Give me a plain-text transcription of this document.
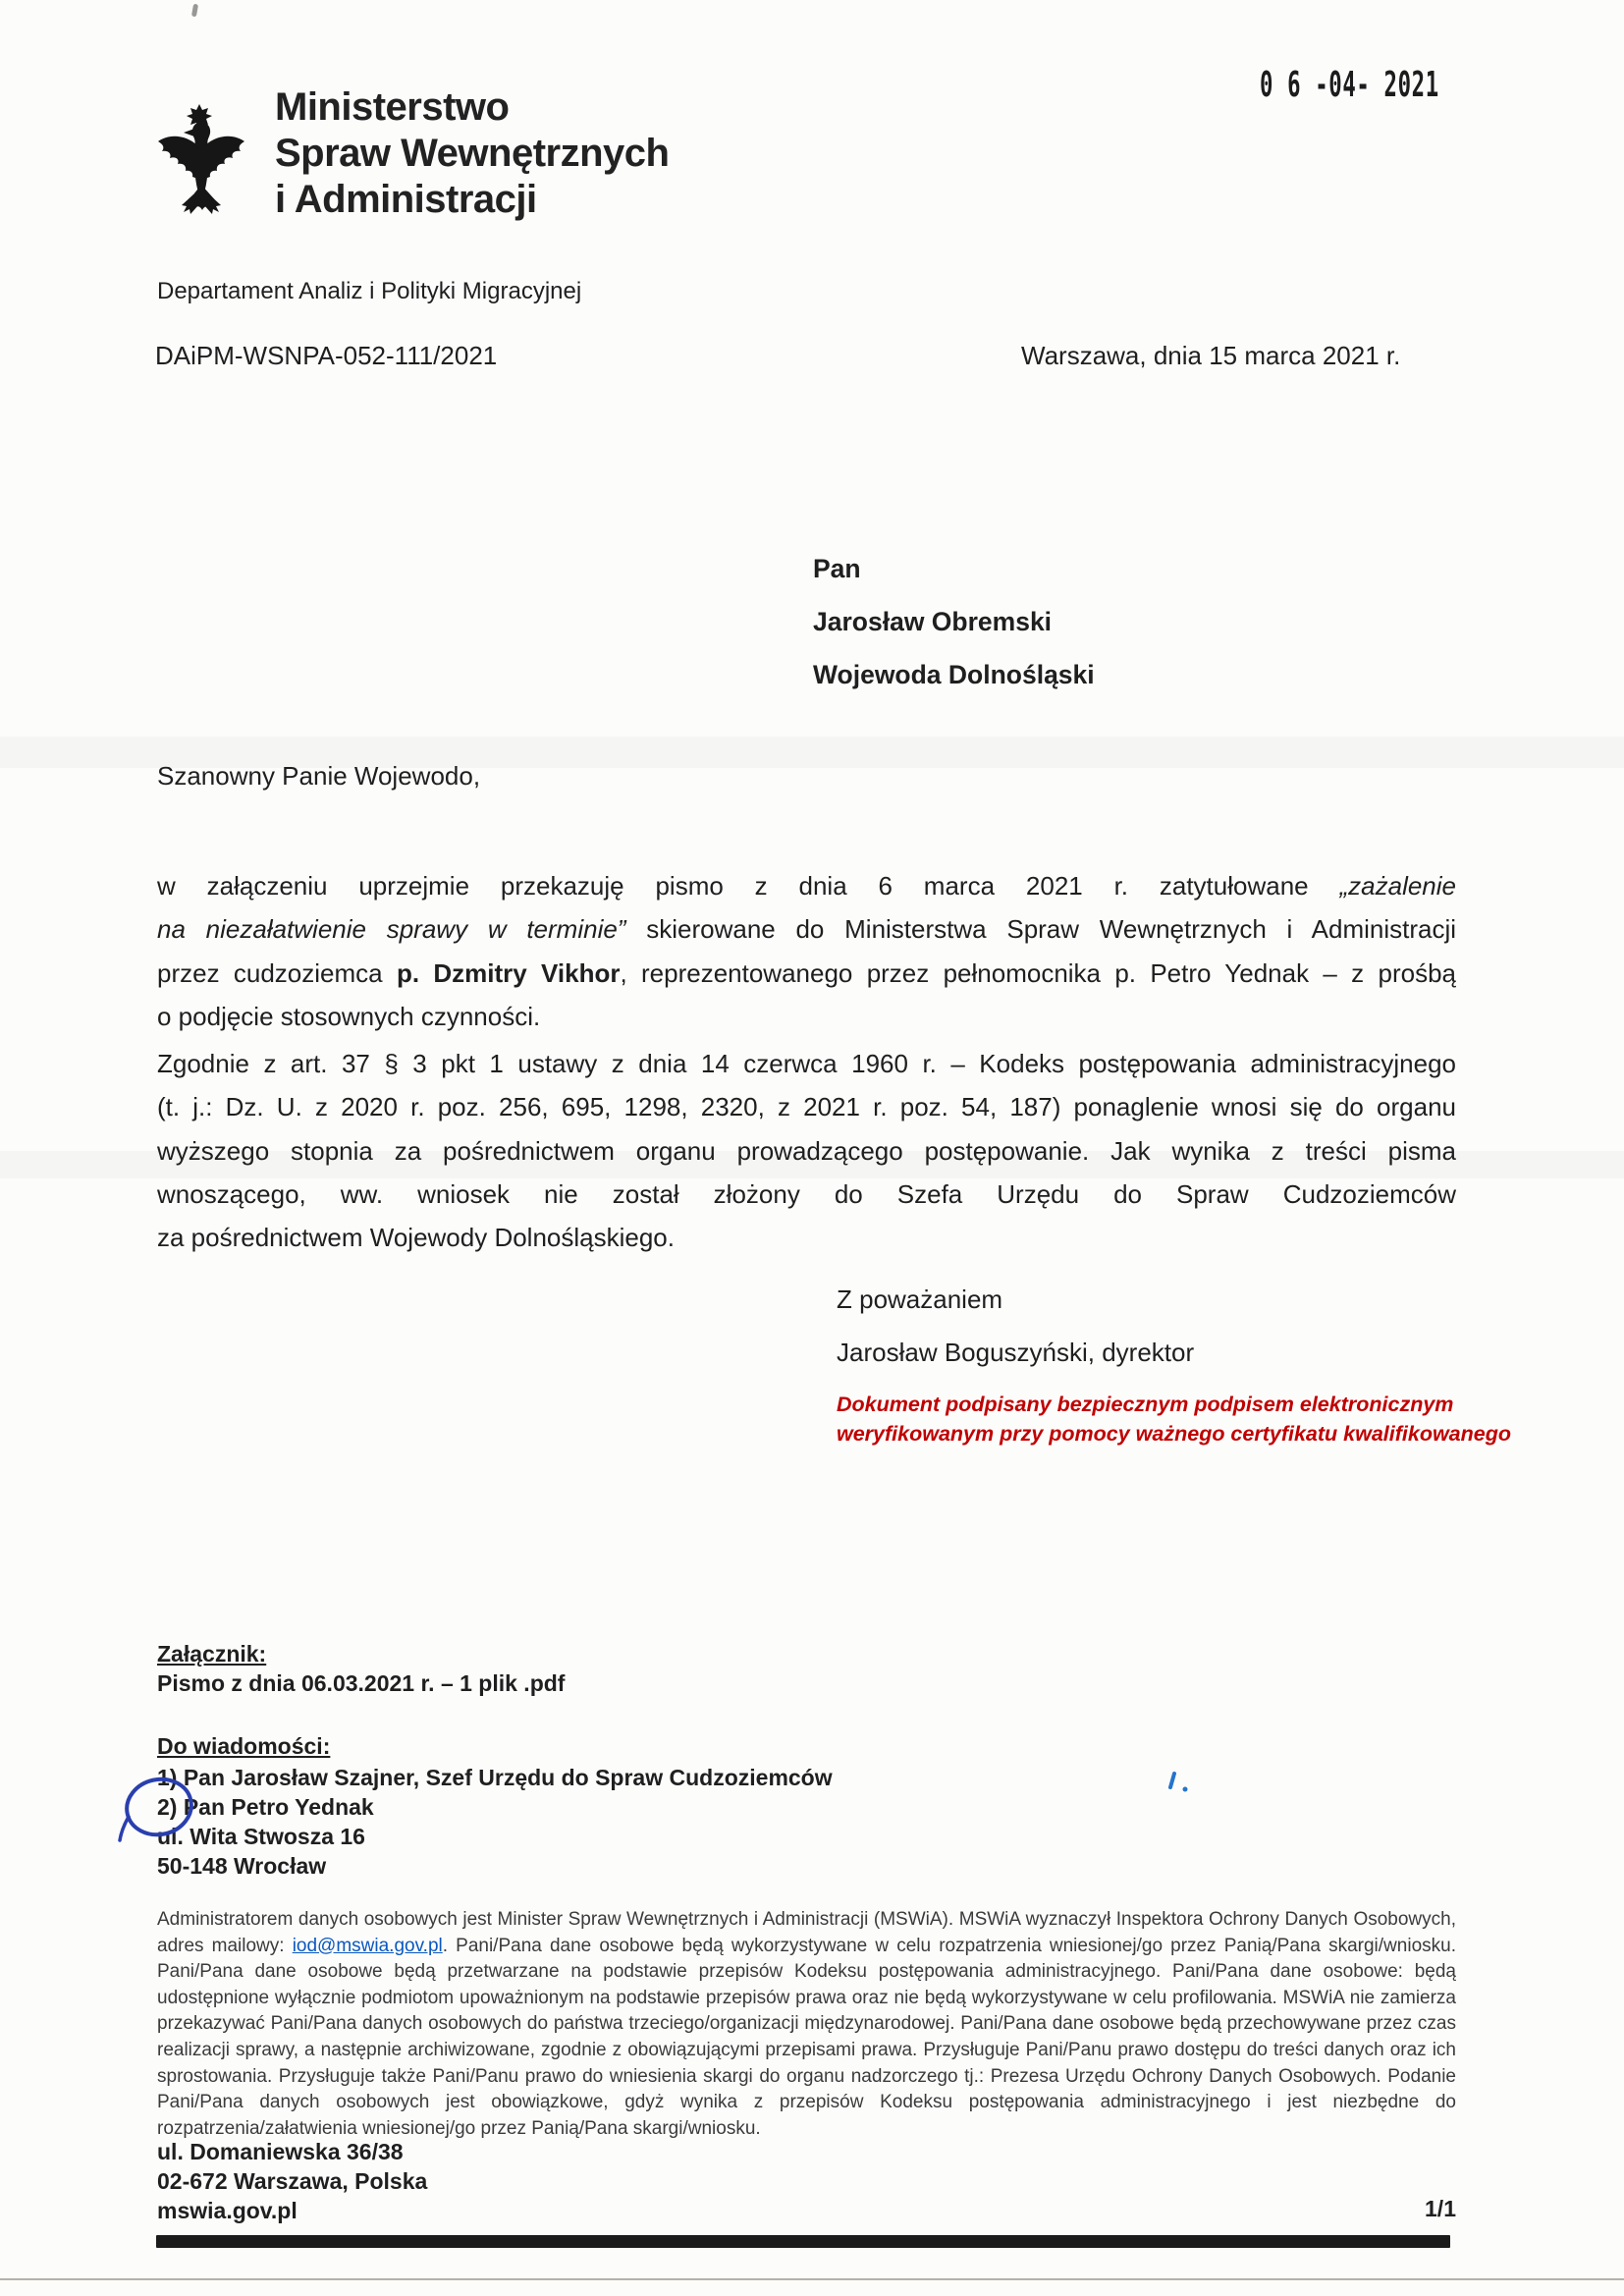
Ministerstwo
Spraw Wewnętrznych
i Administracji
0 6 -04- 2021
Departament Analiz i Polityki Migracyjnej
DAiPM-WSNPA-052-111/2021	Warszawa, dnia 15 marca 2021 r.
Pan
Jarosław Obremski
Wojewoda Dolnośląski
Szanowny Panie Wojewodo,
w załączeniu uprzejmie przekazuję pismo z dnia 6 marca 2021 r. zatytułowane „zażalenie
na niezałatwienie sprawy w terminie” skierowane do Ministerstwa Spraw Wewnętrznych i Administracji
przez cudzoziemca p. Dzmitry Vikhor, reprezentowanego przez pełnomocnika p. Petro Yednak – z prośbą
o podjęcie stosownych czynności.
Zgodnie z art. 37 § 3 pkt 1 ustawy z dnia 14 czerwca 1960 r. – Kodeks postępowania administracyjnego
(t. j.: Dz. U. z 2020 r. poz. 256, 695, 1298, 2320, z 2021 r. poz. 54, 187) ponaglenie wnosi się do organu
wyższego stopnia za pośrednictwem organu prowadzącego postępowanie. Jak wynika z treści pisma
wnoszącego, ww. wniosek nie został złożony do Szefa Urzędu do Spraw Cudzoziemców
za pośrednictwem Wojewody Dolnośląskiego.
Z poważaniem
Jarosław Boguszyński, dyrektor
Dokument podpisany bezpiecznym podpisem elektronicznym
weryfikowanym przy pomocy ważnego certyfikatu kwalifikowanego
Załącznik:
Pismo z dnia 06.03.2021 r. – 1 plik .pdf
Do wiadomości:
1) Pan Jarosław Szajner, Szef Urzędu do Spraw Cudzoziemców
2) Pan Petro Yednak
ul. Wita Stwosza 16
50-148 Wrocław
Administratorem danych osobowych jest Minister Spraw Wewnętrznych i Administracji (MSWiA). MSWiA wyznaczył Inspektora Ochrony Danych Osobowych, adres mailowy: iod@mswia.gov.pl. Pani/Pana dane osobowe będą wykorzystywane w celu rozpatrzenia wniesionej/go przez Panią/Pana skargi/wniosku. Pani/Pana dane osobowe będą przetwarzane na podstawie przepisów Kodeksu postępowania administracyjnego. Pani/Pana dane osobowe: będą udostępnione wyłącznie podmiotom upoważnionym na podstawie przepisów prawa oraz nie będą wykorzystywane w celu profilowania. MSWiA nie zamierza przekazywać Pani/Pana danych osobowych do państwa trzeciego/organizacji międzynarodowej. Pani/Pana dane osobowe będą przechowywane przez czas realizacji sprawy, a następnie archiwizowane, zgodnie z obowiązującymi przepisami prawa. Przysługuje Pani/Panu prawo dostępu do treści danych oraz ich sprostowania. Przysługuje także Pani/Panu prawo do wniesienia skargi do organu nadzorczego tj.: Prezesa Urzędu Ochrony Danych Osobowych. Podanie Pani/Pana danych osobowych jest obowiązkowe, gdyż wynika z przepisów Kodeksu postępowania administracyjnego i jest niezbędne do rozpatrzenia/załatwienia wniesionej/go przez Panią/Pana skargi/wniosku.
ul. Domaniewska 36/38
02-672 Warszawa, Polska
mswia.gov.pl	1/1
